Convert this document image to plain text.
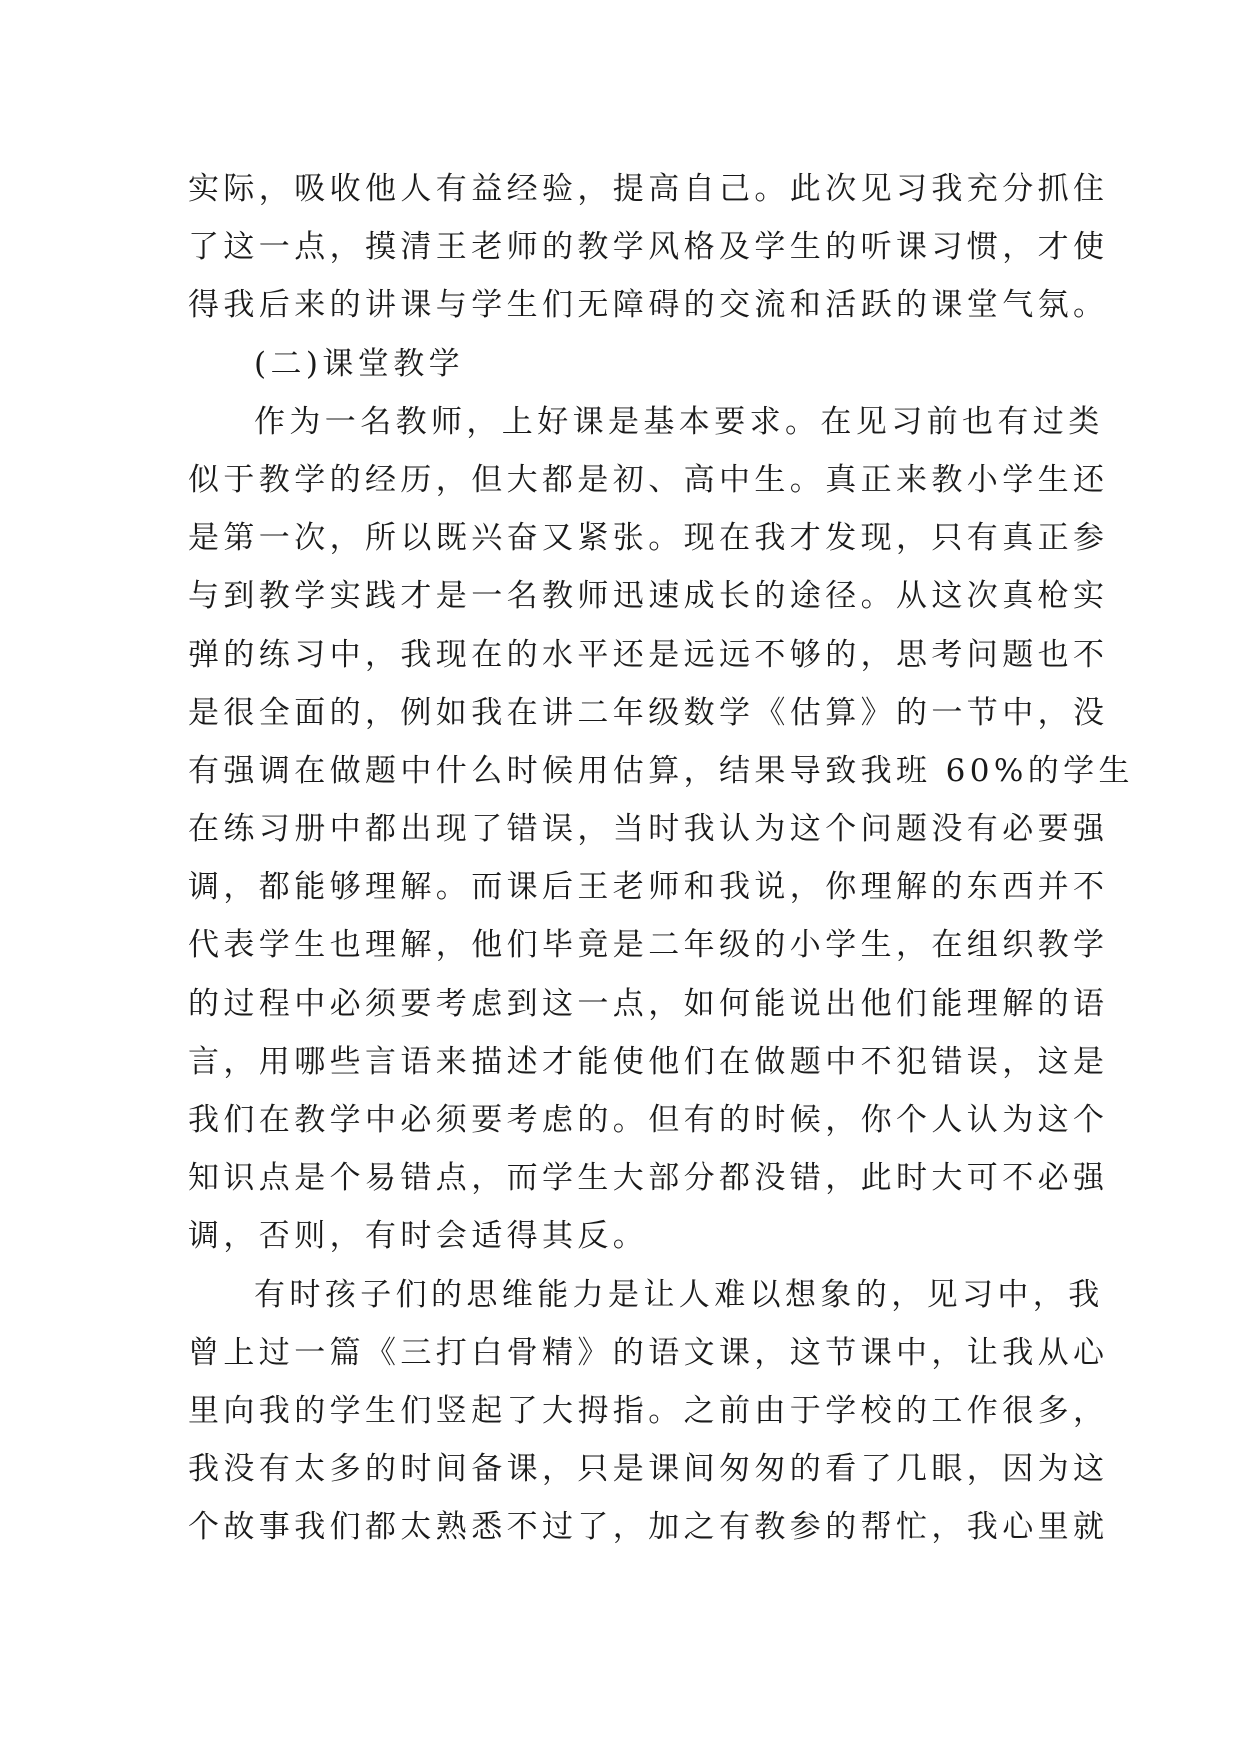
实际，吸收他人有益经验，提高自己。此次见习我充分抓住
了这一点，摸清王老师的教学风格及学生的听课习惯，才使
得我后来的讲课与学生们无障碍的交流和活跃的课堂气氛。
(二)课堂教学
作为一名教师，上好课是基本要求。在见习前也有过类
似于教学的经历，但大都是初、高中生。真正来教小学生还
是第一次，所以既兴奋又紧张。现在我才发现，只有真正参
与到教学实践才是一名教师迅速成长的途径。从这次真枪实
弹的练习中，我现在的水平还是远远不够的，思考问题也不
是很全面的，例如我在讲二年级数学《估算》的一节中，没
有强调在做题中什么时候用估算，结果导致我班 60%的学生
在练习册中都出现了错误，当时我认为这个问题没有必要强
调，都能够理解。而课后王老师和我说，你理解的东西并不
代表学生也理解，他们毕竟是二年级的小学生，在组织教学
的过程中必须要考虑到这一点，如何能说出他们能理解的语
言，用哪些言语来描述才能使他们在做题中不犯错误，这是
我们在教学中必须要考虑的。但有的时候，你个人认为这个
知识点是个易错点，而学生大部分都没错，此时大可不必强
调，否则，有时会适得其反。
有时孩子们的思维能力是让人难以想象的，见习中，我
曾上过一篇《三打白骨精》的语文课，这节课中，让我从心
里向我的学生们竖起了大拇指。之前由于学校的工作很多，
我没有太多的时间备课，只是课间匆匆的看了几眼，因为这
个故事我们都太熟悉不过了，加之有教参的帮忙，我心里就
